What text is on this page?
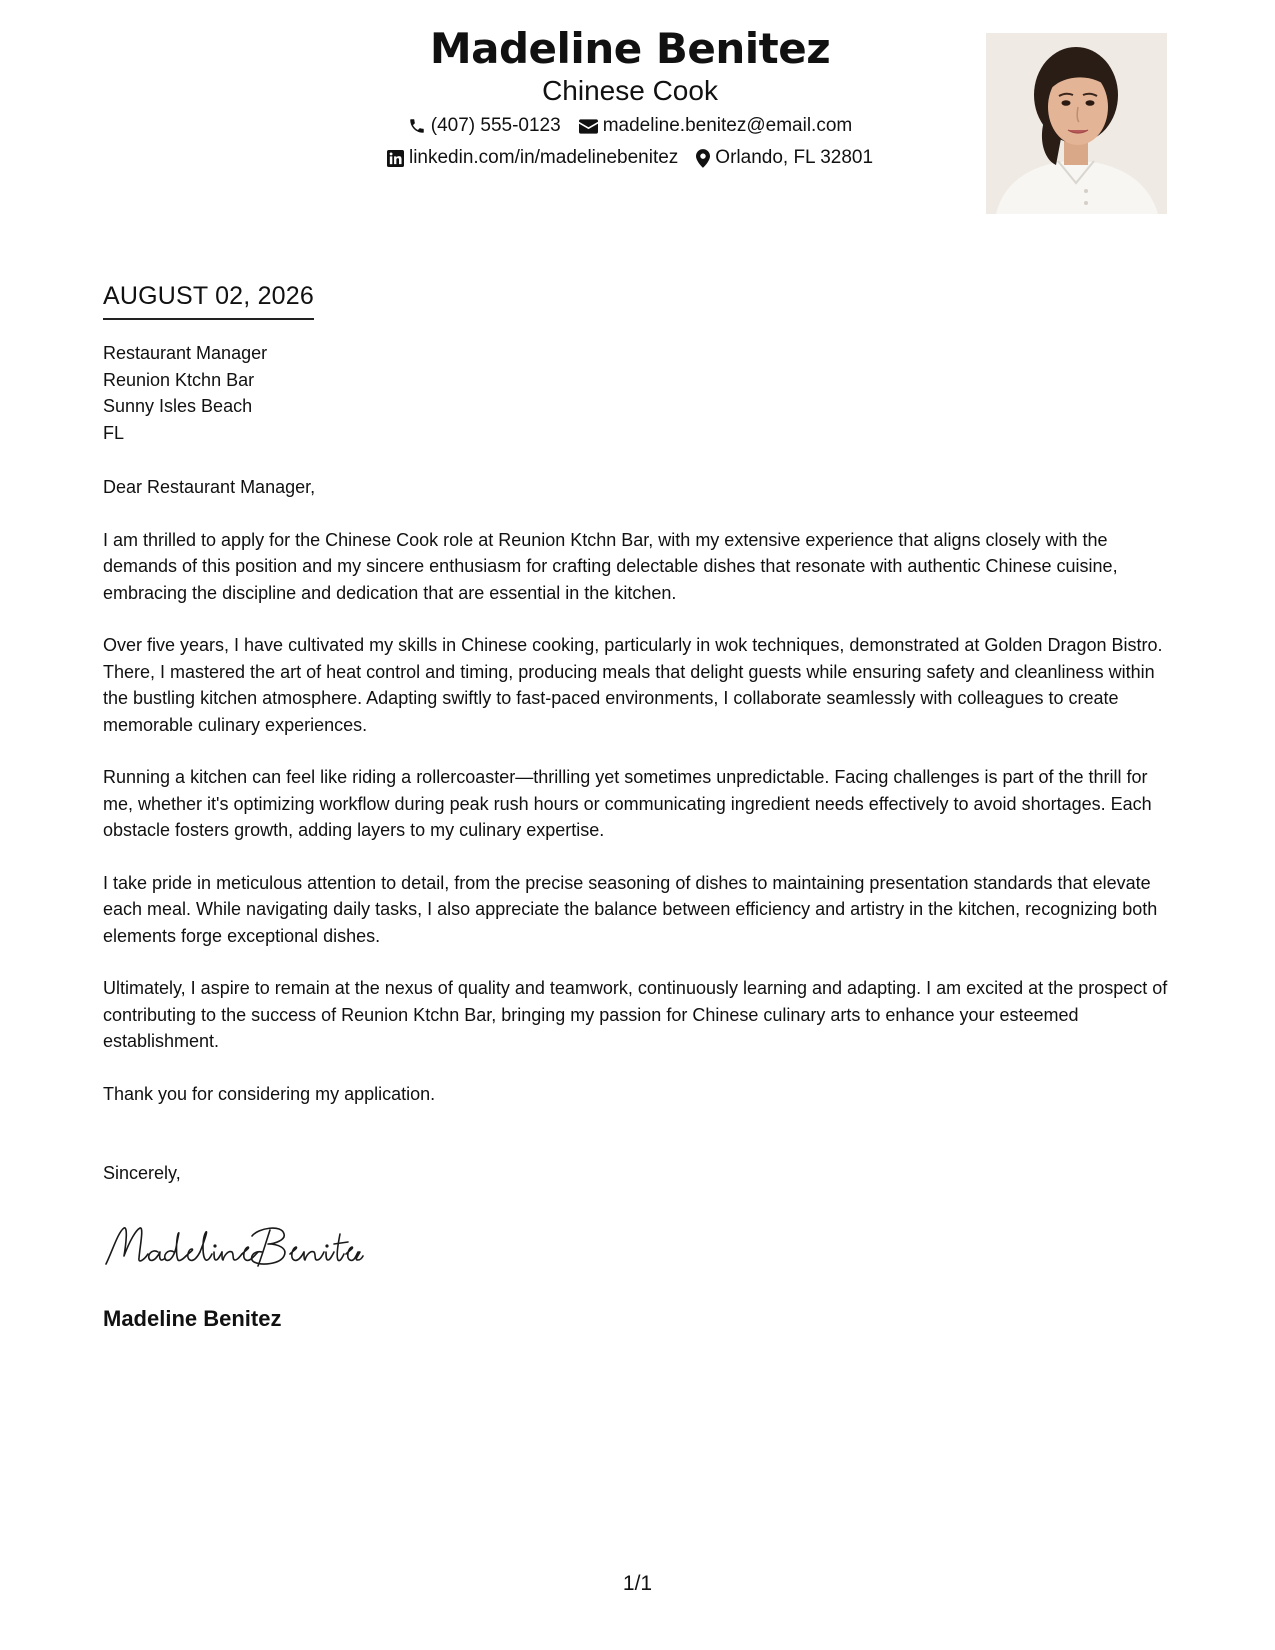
Madeline Benitez
Chinese Cook
(407) 555-0123 madeline.benitez@email.com
linkedin.com/in/madelinebenitez Orlando, FL 32801
AUGUST 02, 2026
Restaurant Manager
Reunion Ktchn Bar
Sunny Isles Beach
FL

Dear Restaurant Manager,

I am thrilled to apply for the Chinese Cook role at Reunion Ktchn Bar, with my extensive experience that aligns closely with the demands of this position and my sincere enthusiasm for crafting delectable dishes that resonate with authentic Chinese cuisine, embracing the discipline and dedication that are essential in the kitchen.

Over five years, I have cultivated my skills in Chinese cooking, particularly in wok techniques, demonstrated at Golden Dragon Bistro. There, I mastered the art of heat control and timing, producing meals that delight guests while ensuring safety and cleanliness within the bustling kitchen atmosphere. Adapting swiftly to fast-paced environments, I collaborate seamlessly with colleagues to create memorable culinary experiences.

Running a kitchen can feel like riding a rollercoaster—thrilling yet sometimes unpredictable. Facing challenges is part of the thrill for me, whether it's optimizing workflow during peak rush hours or communicating ingredient needs effectively to avoid shortages. Each obstacle fosters growth, adding layers to my culinary expertise.

I take pride in meticulous attention to detail, from the precise seasoning of dishes to maintaining presentation standards that elevate each meal. While navigating daily tasks, I also appreciate the balance between efficiency and artistry in the kitchen, recognizing both elements forge exceptional dishes.

Ultimately, I aspire to remain at the nexus of quality and teamwork, continuously learning and adapting. I am excited at the prospect of contributing to the success of Reunion Ktchn Bar, bringing my passion for Chinese culinary arts to enhance your esteemed establishment.

Thank you for considering my application.

Sincerely,
Madeline Benitez
1/1
